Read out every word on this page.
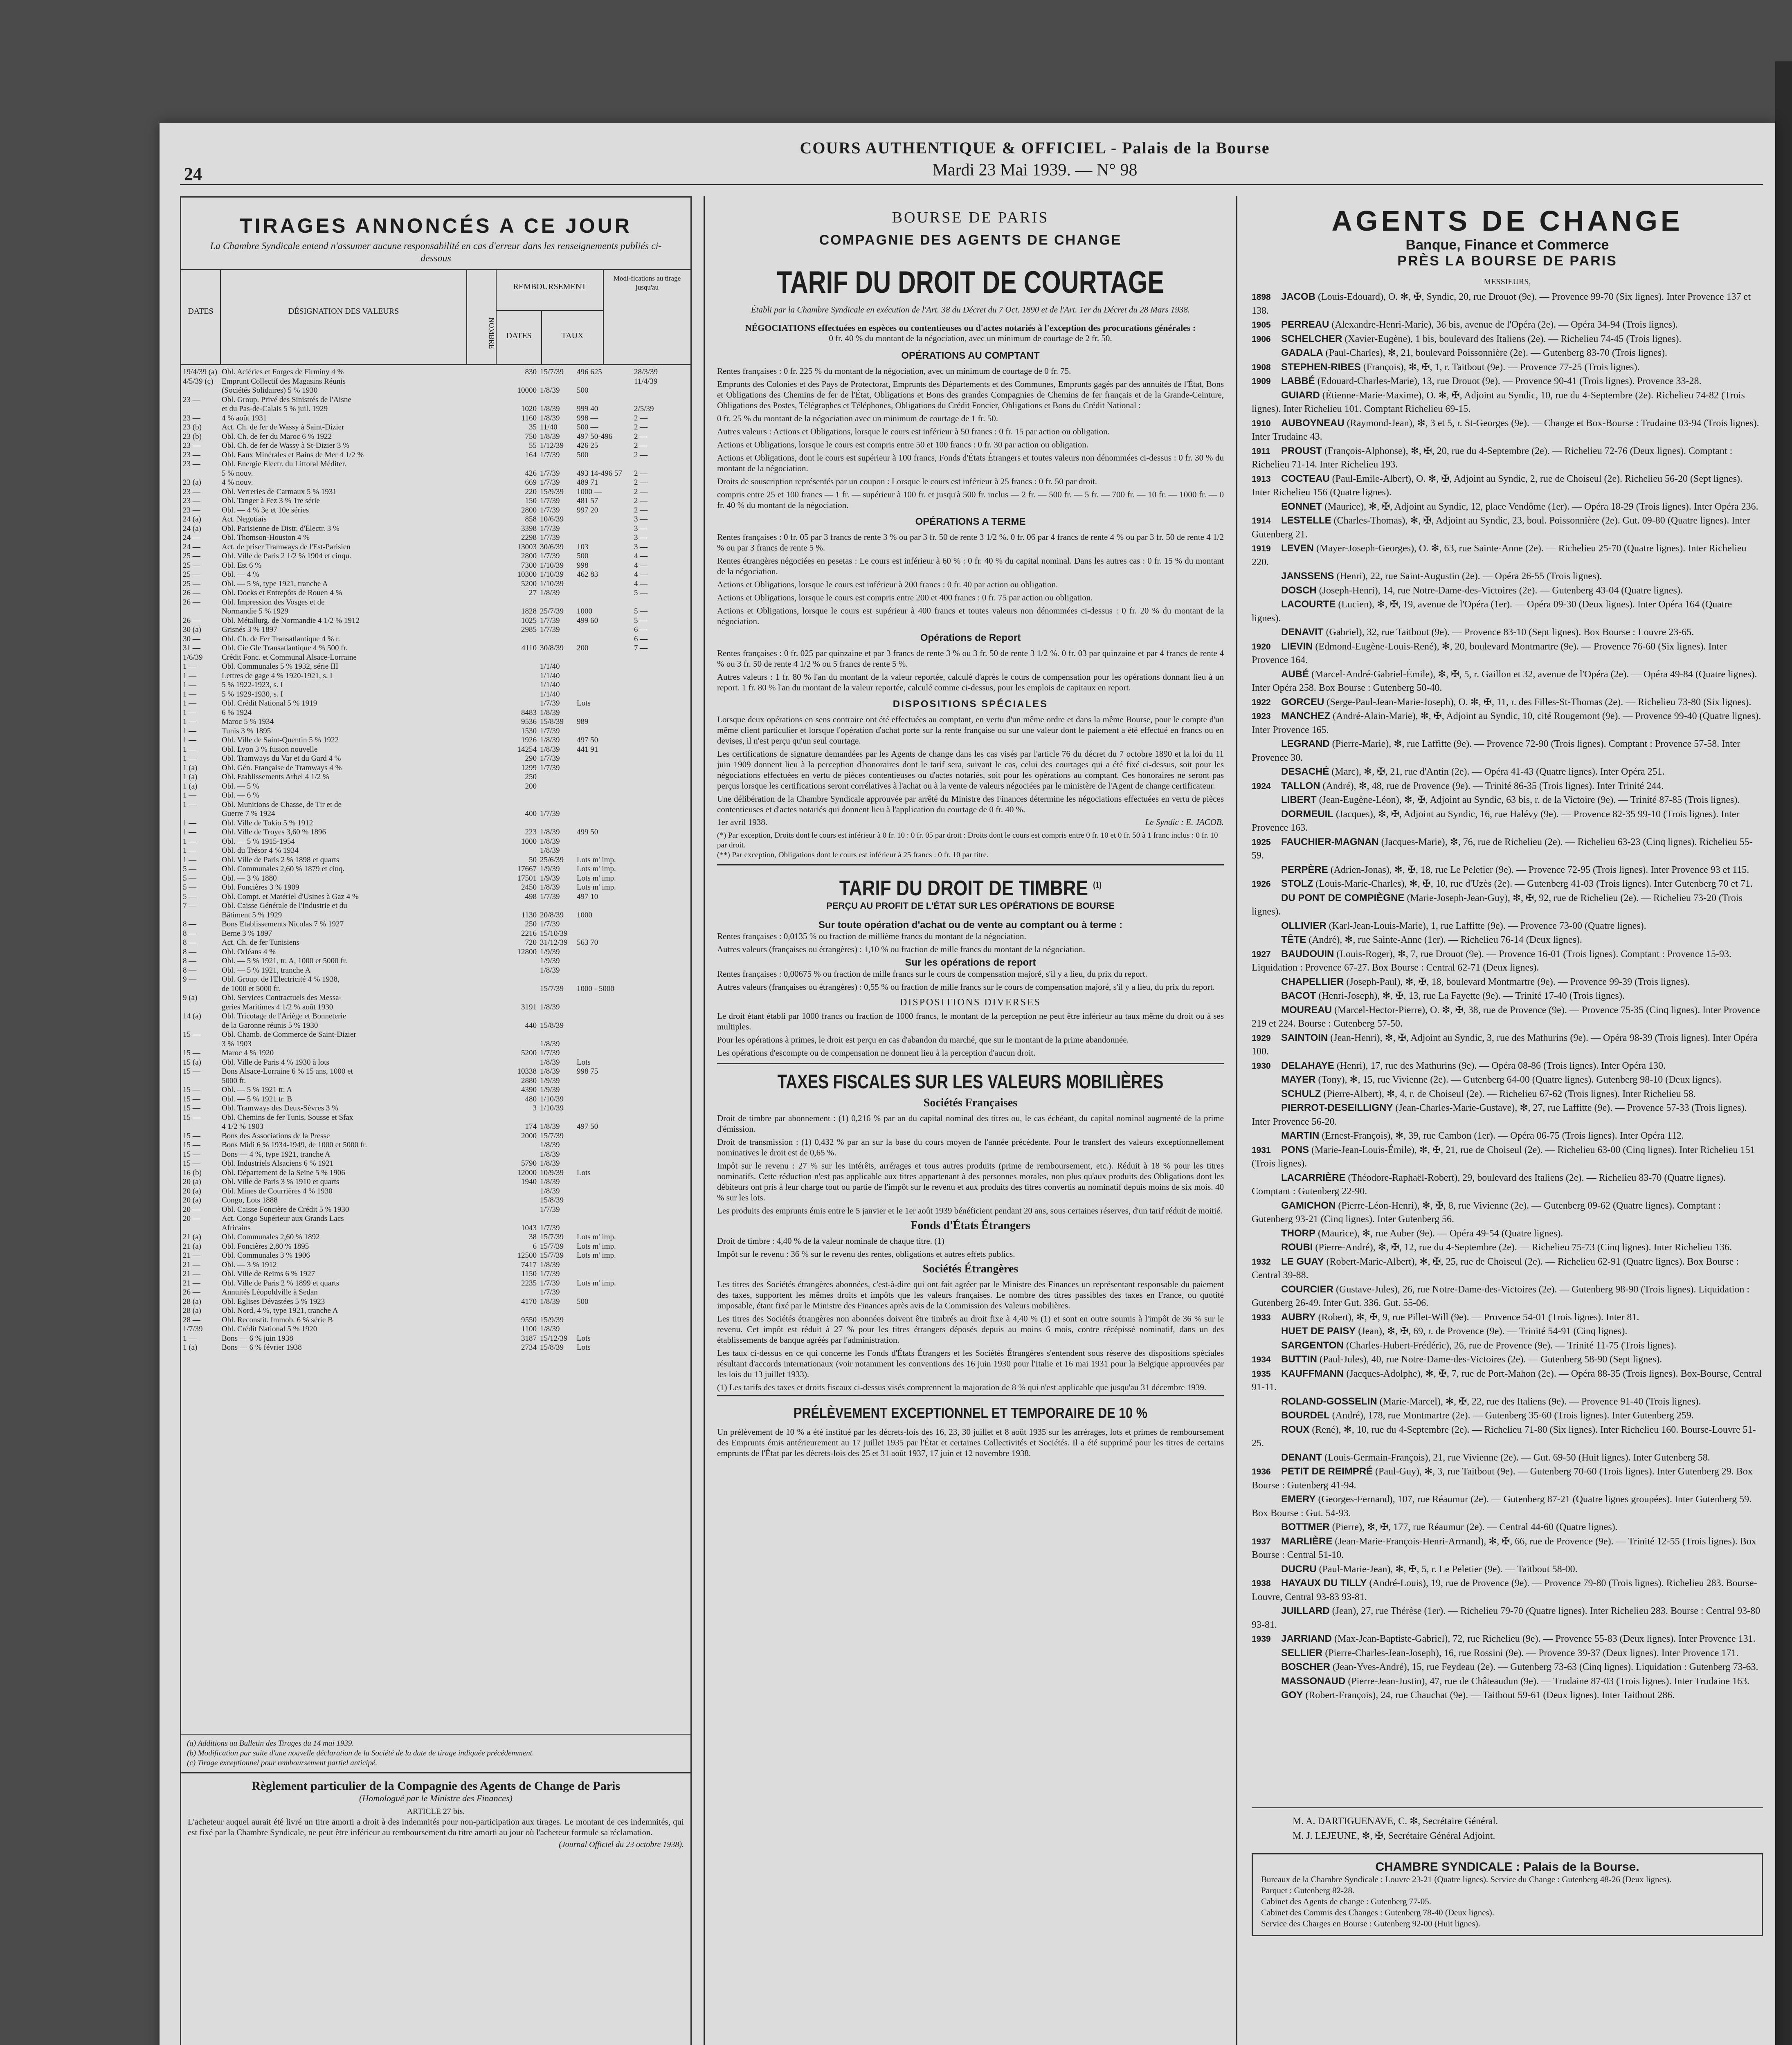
COURS AUTHENTIQUE & OFFICIEL - Palais de la Bourse
Mardi 23 Mai 1939. — N° 98
24
TIRAGES ANNONCÉS A CE JOUR
La Chambre Syndicale entend n'assumer aucune responsabilité en cas d'erreur dans les renseignements publiés ci-dessous
DATES	DÉSIGNATION DES VALEURS
NOMBRE
REMBOURSEMENT
DATES	TAUX
Modi-fications au tirage jusqu'au
19/4/39 (a) Obl. Aciéries et Forges de Firminy 4 %	830 15/7/39	496 625	28/3/39
4/5/39 (c)	Emprunt Collectif des Magasins Réunis	11/4/39
(Sociétés Solidaires) 5 % 1930	10000 1/8/39	500
23 —	Obl. Group. Privé des Sinistrés de l'Aisne
et du Pas-de-Calais 5 % juil. 1929	1020 1/8/39	999 40	2/5/39
23 —	4 % août 1931	1160 1/8/39	998 —	2 —
23 (b)	Act. Ch. de fer de Wassy à Saint-Dizier	35 11/40	500 —	2 —
23 (b)	Obl. Ch. de fer du Maroc 6 % 1922	750 1/8/39	497 50-496	2 —
23 —	Obl. Ch. de fer de Wassy à St-Dizier 3 %	55 1/12/39	426 25	2 —
23 —	Obl. Eaux Minérales et Bains de Mer 4 1/2 %	164 1/7/39	500	2 —
23 —	Obl. Energie Electr. du Littoral Méditer.
5 % nouv.	426 1/7/39	493 14-496 57	2 —
23 (a)	4 % nouv.	669 1/7/39	489 71	2 —
23 —	Obl. Verreries de Carmaux 5 % 1931	220 15/9/39	1000 —	2 —
23 —	Obl. Tanger à Fez 3 % 1re série	150 1/7/39	481 57	2 —
23 —	Obl. — 4 % 3e et 10e séries	2800 1/7/39	997 20	2 —
24 (a)	Act. Negotiais	858 10/6/39	3 —
24 (a)	Obl. Parisienne de Distr. d'Electr. 3 %	3398 1/7/39	3 —
24 —	Obl. Thomson-Houston 4 %	2298 1/7/39	3 —
24 —	Act. de priser Tramways de l'Est-Parisien	13003 30/6/39	103	3 —
25 —	Obl. Ville de Paris 2 1/2 % 1904 et cinqu.	2800 1/7/39	500	4 —
25 —	Obl. Est 6 %	7300 1/10/39	998	4 —
25 —	Obl. — 4 %	10300 1/10/39	462 83	4 —
25 —	Obl. — 5 %, type 1921, tranche A	5200 1/10/39	4 —
26 —	Obl. Docks et Entrepôts de Rouen 4 %	27 1/8/39	5 —
26 —	Obl. Impression des Vosges et de
Normandie 5 % 1929	1828 25/7/39	1000	5 —
26 —	Obl. Métallurg. de Normandie 4 1/2 % 1912	1025 1/7/39	499 60	5 —
30 (a)	Grisnés 3 % 1897	2985 1/7/39	6 —
30 —	Obl. Ch. de Fer Transatlantique 4 % r.	6 —
31 —	Obl. Cie Gle Transatlantique 4 % 500 fr.	4110 30/8/39	200	7 —
1/6/39	Crédit Fonc. et Communal Alsace-Lorraine
1 —	Obl. Communales 5 % 1932, série III	1/1/40
1 —	Lettres de gage 4 % 1920-1921, s. I	1/1/40
1 —	5 % 1922-1923, s. I	1/1/40
1 —	5 % 1929-1930, s. I	1/1/40
1 —	Obl. Crédit National 5 % 1919	1/7/39	Lots
1 —	6 % 1924	8483 1/8/39
1 —	Maroc 5 % 1934	9536 15/8/39	989
1 —	Tunis 3 % 1895	1530 1/7/39
1 —	Obl. Ville de Saint-Quentin 5 % 1922	1926 1/8/39	497 50
1 —	Obl. Lyon 3 % fusion nouvelle	14254 1/8/39	441 91
1 —	Obl. Tramways du Var et du Gard 4 %	290 1/7/39
1 (a)	Obl. Gén. Française de Tramways 4 %	1299 1/7/39
1 (a)	Obl. Etablissements Arbel 4 1/2 %	250
1 (a)	Obl. — 5 %	200
1 —	Obl. — 6 %
1 —	Obl. Munitions de Chasse, de Tir et de
Guerre 7 % 1924	400 1/7/39
1 —	Obl. Ville de Tokio 5 % 1912
1 —	Obl. Ville de Troyes 3,60 % 1896	223 1/8/39	499 50
1 —	Obl. — 5 % 1915-1954	1000 1/8/39
1 —	Obl. du Trésor 4 % 1934	1/8/39
1 —	Obl. Ville de Paris 2 % 1898 et quarts	50 25/6/39	Lots m' imp.
5 —	Obl. Communales 2,60 % 1879 et cinq.	17667 1/9/39	Lots m' imp.
5 —	Obl. — 3 % 1880	17501 1/9/39	Lots m' imp.
5 —	Obl. Foncières 3 % 1909	2450 1/8/39	Lots m' imp.
5 —	Obl. Compt. et Matériel d'Usines à Gaz 4 %	498 1/7/39	497 10
7 —	Obl. Caisse Générale de l'Industrie et du
Bâtiment 5 % 1929	1130 20/8/39	1000
8 —	Bons Etablissements Nicolas 7 % 1927	250 1/7/39
8 —	Berne 3 % 1897	2216 15/10/39
8 —	Act. Ch. de fer Tunisiens	720 31/12/39	563 70
8 —	Obl. Orléans 4 %	12800 1/9/39
8 —	Obl. — 5 % 1921, tr. A, 1000 et 5000 fr.	1/9/39
8 —	Obl. — 5 % 1921, tranche A	1/8/39
9 —	Obl. Group. de l'Electricité 4 % 1938,
de 1000 et 5000 fr.	15/7/39	1000 - 5000
9 (a)	Obl. Services Contractuels des Messa-
geries Maritimes 4 1/2 % août 1930	3191 1/8/39
14 (a)	Obl. Tricotage de l'Ariège et Bonneterie
de la Garonne réunis 5 % 1930	440 15/8/39
15 —	Obl. Chamb. de Commerce de Saint-Dizier
3 % 1903	1/8/39
15 —	Maroc 4 % 1920	5200 1/7/39
15 (a)	Obl. Ville de Paris 4 % 1930 à lots	1/8/39	Lots
15 —	Bons Alsace-Lorraine 6 % 15 ans, 1000 et	10338 1/8/39	998 75
5000 fr.	2880 1/9/39
15 —	Obl. — 5 % 1921 tr. A	4390 1/9/39
15 —	Obl. — 5 % 1921 tr. B	480 1/10/39
15 —	Obl. Tramways des Deux-Sèvres 3 %	3 1/10/39
15 —	Obl. Chemins de fer Tunis, Sousse et Sfax
4 1/2 % 1903	174 1/8/39	497 50
15 —	Bons des Associations de la Presse	2000 15/7/39
15 —	Bons Midi 6 % 1934-1949, de 1000 et 5000 fr.	1/8/39
15 —	Bons — 4 %, type 1921, tranche A	1/8/39
15 —	Obl. Industriels Alsaciens 6 % 1921	5790 1/8/39
16 (b)	Obl. Département de la Seine 5 % 1906	12000 10/9/39	Lots
20 (a)	Obl. Ville de Paris 3 % 1910 et quarts	1940 1/8/39
20 (a)	Obl. Mines de Courrières 4 % 1930	1/8/39
20 (a)	Congo, Lots 1888	15/8/39
20 —	Obl. Caisse Foncière de Crédit 5 % 1930	1/7/39
20 —	Act. Congo Supérieur aux Grands Lacs
Africains	1043 1/7/39
21 (a)	Obl. Communales 2,60 % 1892	38 15/7/39	Lots m' imp.
21 (a)	Obl. Foncières 2,80 % 1895	6 15/7/39	Lots m' imp.
21 —	Obl. Communales 3 % 1906	12500 15/7/39	Lots m' imp.
21 —	Obl. — 3 % 1912	7417 1/8/39
21 —	Obl. Ville de Reims 6 % 1927	1150 1/7/39
21 —	Obl. Ville de Paris 2 % 1899 et quarts	2235 1/7/39	Lots m' imp.
26 —	Annuités Léopoldville à Sedan	1/7/39
28 (a)	Obl. Eglises Dévastées 5 % 1923	4170 1/8/39	500
28 (a)	Obl. Nord, 4 %, type 1921, tranche A
28 —	Obl. Reconstit. Immob. 6 % série B	9550 15/9/39
1/7/39	Obl. Crédit National 5 % 1920	1100 1/8/39
1 —	Bons — 6 % juin 1938	3187 15/12/39	Lots
1 (a)	Bons — 6 % février 1938	2734 15/8/39	Lots
(a) Additions au Bulletin des Tirages du 14 mai 1939.
(b) Modification par suite d'une nouvelle déclaration de la Société de la date de tirage indiquée précédemment.
(c) Tirage exceptionnel pour remboursement partiel anticipé.
Règlement particulier de la Compagnie des Agents de Change de Paris
(Homologué par le Ministre des Finances)
ARTICLE 27 bis.

L'acheteur auquel aurait été livré un titre amorti a droit à des indemnités pour non-participation aux tirages. Le montant de ces indemnités, qui est fixé par la Chambre Syndicale, ne peut être inférieur au remboursement du titre amorti au jour où l'acheteur formule sa réclamation.

(Journal Officiel du 23 octobre 1938).
BOURSE DE PARIS
COMPAGNIE DES AGENTS DE CHANGE
TARIF DU DROIT DE COURTAGE
Établi par la Chambre Syndicale en exécution de l'Art. 38 du Décret du 7 Oct. 1890 et de l'Art. 1er du Décret du 28 Mars 1938.
NÉGOCIATIONS effectuées en espèces ou contentieuses ou d'actes notariés à l'exception des procurations générales :
0 fr. 40 % du montant de la négociation, avec un minimum de courtage de 2 fr. 50.
OPÉRATIONS AU COMPTANT

Rentes françaises : 0 fr. 225 % du montant de la négociation, avec un minimum de courtage de 0 fr. 75.

Emprunts des Colonies et des Pays de Protectorat, Emprunts des Départements et des Communes, Emprunts gagés par des annuités de l'État, Bons et Obligations des Chemins de fer de l'État, Obligations et Bons des grandes Compagnies de Chemins de fer français et de la Grande-Ceinture, Obligations des Postes, Télégraphes et Téléphones, Obligations du Crédit Foncier, Obligations et Bons du Crédit National :

0 fr. 25 % du montant de la négociation avec un minimum de courtage de 1 fr. 50.

Autres valeurs : Actions et Obligations, lorsque le cours est inférieur à 50 francs : 0 fr. 15 par action ou obligation.

Actions et Obligations, lorsque le cours est compris entre 50 et 100 francs : 0 fr. 30 par action ou obligation.

Actions et Obligations, dont le cours est supérieur à 100 francs, Fonds d'États Étrangers et toutes valeurs non dénommées ci-dessus : 0 fr. 30 % du montant de la négociation.

Droits de souscription représentés par un coupon : Lorsque le cours est inférieur à 25 francs : 0 fr. 50 par droit.

compris entre 25 et 100 francs — 1 fr. — supérieur à 100 fr. et jusqu'à 500 fr. inclus — 2 fr. — 500 fr. — 5 fr. — 700 fr. — 10 fr. — 1000 fr. — 0 fr. 40 % du montant de la négociation.

OPÉRATIONS A TERME

Rentes françaises : 0 fr. 05 par 3 francs de rente 3 % ou par 3 fr. 50 de rente 3 1/2 %. 0 fr. 06 par 4 francs de rente 4 % ou par 3 fr. 50 de rente 4 1/2 % ou par 3 francs de rente 5 %.

Rentes étrangères négociées en pesetas : Le cours est inférieur à 60 % : 0 fr. 40 % du capital nominal. Dans les autres cas : 0 fr. 15 % du montant de la négociation.

Actions et Obligations, lorsque le cours est inférieur à 200 francs : 0 fr. 40 par action ou obligation.

Actions et Obligations, lorsque le cours est compris entre 200 et 400 francs : 0 fr. 75 par action ou obligation.

Actions et Obligations, lorsque le cours est supérieur à 400 francs et toutes valeurs non dénommées ci-dessus : 0 fr. 20 % du montant de la négociation.

Opérations de Report

Rentes françaises : 0 fr. 025 par quinzaine et par 3 francs de rente 3 % ou 3 fr. 50 de rente 3 1/2 %. 0 fr. 03 par quinzaine et par 4 francs de rente 4 % ou 3 fr. 50 de rente 4 1/2 % ou 5 francs de rente 5 %.

Autres valeurs : 1 fr. 80 % l'an du montant de la valeur reportée, calculé d'après le cours de compensation pour les opérations donnant lieu à un report. 1 fr. 80 % l'an du montant de la valeur reportée, calculé comme ci-dessus, pour les emplois de capitaux en report.

DISPOSITIONS SPÉCIALES

Lorsque deux opérations en sens contraire ont été effectuées au comptant, en vertu d'un même ordre et dans la même Bourse, pour le compte d'un même client particulier et lorsque l'opération d'achat porte sur la rente française ou sur une valeur dont le paiement a été effectué en francs ou en devises, il n'est perçu qu'un seul courtage.

Les certifications de signature demandées par les Agents de change dans les cas visés par l'article 76 du décret du 7 octobre 1890 et la loi du 11 juin 1909 donnent lieu à la perception d'honoraires dont le tarif sera, suivant le cas, celui des courtages qui a été fixé ci-dessus, soit pour les négociations effectuées en vertu de pièces contentieuses ou d'actes notariés, soit pour les opérations au comptant. Ces honoraires ne seront pas perçus lorsque les certifications seront corrélatives à l'achat ou à la vente de valeurs négociées par le ministère de l'Agent de change certificateur.

Une délibération de la Chambre Syndicale approuvée par arrêté du Ministre des Finances détermine les négociations effectuées en vertu de pièces contentieuses et d'actes notariés qui donnent lieu à l'application du courtage de 0 fr. 40 %.

1er avril 1938.	Le Syndic : E. JACOB.
(*) Par exception, Droits dont le cours est inférieur à 0 fr. 10 : 0 fr. 05 par droit : Droits dont le cours est compris entre 0 fr. 10 et 0 fr. 50 à 1 franc inclus : 0 fr. 10 par droit.
(**) Par exception, Obligations dont le cours est inférieur à 25 francs : 0 fr. 10 par titre.
TARIF DU DROIT DE TIMBRE $^{(1)}$
PERÇU AU PROFIT DE L'ÉTAT SUR LES OPÉRATIONS DE BOURSE
Sur toute opération d'achat ou de vente au comptant ou à terme :

Rentes françaises : 0,0135 % ou fraction de millième francs du montant de la négociation.

Autres valeurs (françaises ou étrangères) : 1,10 % ou fraction de mille francs du montant de la négociation.

Sur les opérations de report

Rentes françaises : 0,00675 % ou fraction de mille francs sur le cours de compensation majoré, s'il y a lieu, du prix du report.

Autres valeurs (françaises ou étrangères) : 0,55 % ou fraction de mille francs sur le cours de compensation majoré, s'il y a lieu, du prix du report.

DISPOSITIONS DIVERSES

Le droit étant établi par 1000 francs ou fraction de 1000 francs, le montant de la perception ne peut être inférieur au taux même du droit ou à ses multiples.

Pour les opérations à primes, le droit est perçu en cas d'abandon du marché, que sur le montant de la prime abandonnée.

Les opérations d'escompte ou de compensation ne donnent lieu à la perception d'aucun droit.

TAXES FISCALES SUR LES VALEURS MOBILIÈRES
Sociétés Françaises

Droit de timbre par abonnement : (1) 0,216 % par an du capital nominal des titres ou, le cas échéant, du capital nominal augmenté de la prime d'émission.

Droit de transmission : (1) 0,432 % par an sur la base du cours moyen de l'année précédente. Pour le transfert des valeurs exceptionnellement nominatives le droit est de 0,65 %.

Impôt sur le revenu : 27 % sur les intérêts, arrérages et tous autres produits (prime de remboursement, etc.). Réduit à 18 % pour les titres nominatifs. Cette réduction n'est pas applicable aux titres appartenant à des personnes morales, non plus qu'aux produits des Obligations dont les débiteurs ont pris à leur charge tout ou partie de l'impôt sur le revenu et aux produits des titres convertis au nominatif depuis moins de six mois. 40 % sur les lots.

Les produits des emprunts émis entre le 5 janvier et le 1er août 1939 bénéficient pendant 20 ans, sous certaines réserves, d'un tarif réduit de moitié.

Fonds d'États Étrangers

Droit de timbre : 4,40 % de la valeur nominale de chaque titre. (1)

Impôt sur le revenu : 36 % sur le revenu des rentes, obligations et autres effets publics.

Sociétés Étrangères

Les titres des Sociétés étrangères abonnées, c'est-à-dire qui ont fait agréer par le Ministre des Finances un représentant responsable du paiement des taxes, supportent les mêmes droits et impôts que les valeurs françaises. Le nombre des titres passibles des taxes en France, ou quotité imposable, étant fixé par le Ministre des Finances après avis de la Commission des Valeurs mobilières.

Les titres des Sociétés étrangères non abonnées doivent être timbrés au droit fixe à 4,40 % (1) et sont en outre soumis à l'impôt de 36 % sur le revenu. Cet impôt est réduit à 27 % pour les titres étrangers déposés depuis au moins 6 mois, contre récépissé nominatif, dans un des établissements de banque agréés par l'administration.

Les taux ci-dessus en ce qui concerne les Fonds d'États Étrangers et les Sociétés Étrangères s'entendent sous réserve des dispositions spéciales résultant d'accords internationaux (voir notamment les conventions des 16 juin 1930 pour l'Italie et 16 mai 1931 pour la Belgique approuvées par les lois du 13 juillet 1933).

(1) Les tarifs des taxes et droits fiscaux ci-dessus visés comprennent la majoration de 8 % qui n'est applicable que jusqu'au 31 décembre 1939.

PRÉLÈVEMENT EXCEPTIONNEL ET TEMPORAIRE DE 10 %

Un prélèvement de 10 % a été institué par les décrets-lois des 16, 23, 30 juillet et 8 août 1935 sur les arrérages, lots et primes de remboursement des Emprunts émis antérieurement au 17 juillet 1935 par l'État et certaines Collectivités et Sociétés. Il a été supprimé pour les titres de certains emprunts de l'État par les décrets-lois des 25 et 31 août 1937, 17 juin et 12 novembre 1938.

AGENTS DE CHANGE
Banque, Finance et Commerce
PRÈS LA BOURSE DE PARIS
MESSIEURS,
1898 JACOB (Louis-Edouard), O. ✻, ✠, Syndic, 20, rue Drouot (9e). — Provence 99-70 (Six lignes). Inter Provence 137 et 138.
1905 PERREAU (Alexandre-Henri-Marie), 36 bis, avenue de l'Opéra (2e). — Opéra 34-94 (Trois lignes).
1906 SCHELCHER (Xavier-Eugène), 1 bis, boulevard des Italiens (2e). — Richelieu 74-45 (Trois lignes).
GADALA (Paul-Charles), ✻, 21, boulevard Poissonnière (2e). — Gutenberg 83-70 (Trois lignes).
1908 STEPHEN-RIBES (François), ✻, ✠, 1, r. Taitbout (9e). — Provence 77-25 (Trois lignes).
1909 LABBÉ (Edouard-Charles-Marie), 13, rue Drouot (9e). — Provence 90-41 (Trois lignes). Provence 33-28.
GUIARD (Étienne-Marie-Maxime), O. ✻, ✠, Adjoint au Syndic, 10, rue du 4-Septembre (2e). Richelieu 74-82 (Trois lignes). Inter Richelieu 101. Comptant Richelieu 69-15.
1910 AUBOYNEAU (Raymond-Jean), ✻, 3 et 5, r. St-Georges (9e). — Change et Box-Bourse : Trudaine 03-94 (Trois lignes). Inter Trudaine 43.
1911 PROUST (François-Alphonse), ✻, ✠, 20, rue du 4-Septembre (2e). — Richelieu 72-76 (Deux lignes). Comptant : Richelieu 71-14. Inter Richelieu 193.
1913 COCTEAU (Paul-Emile-Albert), O. ✻, ✠, Adjoint au Syndic, 2, rue de Choiseul (2e). Richelieu 56-20 (Sept lignes). Inter Richelieu 156 (Quatre lignes).
EONNET (Maurice), ✻, ✠, Adjoint au Syndic, 12, place Vendôme (1er). — Opéra 18-29 (Trois lignes). Inter Opéra 236.
1914 LESTELLE (Charles-Thomas), ✻, ✠, Adjoint au Syndic, 23, boul. Poissonnière (2e). Gut. 09-80 (Quatre lignes). Inter Gutenberg 21.
1919 LEVEN (Mayer-Joseph-Georges), O. ✻, 63, rue Sainte-Anne (2e). — Richelieu 25-70 (Quatre lignes). Inter Richelieu 220.
JANSSENS (Henri), 22, rue Saint-Augustin (2e). — Opéra 26-55 (Trois lignes).
DOSCH (Joseph-Henri), 14, rue Notre-Dame-des-Victoires (2e). — Gutenberg 43-04 (Quatre lignes).
LACOURTE (Lucien), ✻, ✠, 19, avenue de l'Opéra (1er). — Opéra 09-30 (Deux lignes). Inter Opéra 164 (Quatre lignes).
DENAVIT (Gabriel), 32, rue Taitbout (9e). — Provence 83-10 (Sept lignes). Box Bourse : Louvre 23-65.
1920 LIEVIN (Edmond-Eugène-Louis-René), ✻, 20, boulevard Montmartre (9e). — Provence 76-60 (Six lignes). Inter Provence 164.
AUBÉ (Marcel-André-Gabriel-Émile), ✻, ✠, 5, r. Gaillon et 32, avenue de l'Opéra (2e). — Opéra 49-84 (Quatre lignes). Inter Opéra 258. Box Bourse : Gutenberg 50-40.
1922 GORCEU (Serge-Paul-Jean-Marie-Joseph), O. ✻, ✠, 11, r. des Filles-St-Thomas (2e). — Richelieu 73-80 (Six lignes).
1923 MANCHEZ (André-Alain-Marie), ✻, ✠, Adjoint au Syndic, 10, cité Rougemont (9e). — Provence 99-40 (Quatre lignes). Inter Provence 165.
LEGRAND (Pierre-Marie), ✻, rue Laffitte (9e). — Provence 72-90 (Trois lignes). Comptant : Provence 57-58. Inter Provence 30.
DESACHÉ (Marc), ✻, ✠, 21, rue d'Antin (2e). — Opéra 41-43 (Quatre lignes). Inter Opéra 251.
1924 TALLON (André), ✻, 48, rue de Provence (9e). — Trinité 86-35 (Trois lignes). Inter Trinité 244.
LIBERT (Jean-Eugène-Léon), ✻, ✠, Adjoint au Syndic, 63 bis, r. de la Victoire (9e). — Trinité 87-85 (Trois lignes).
DORMEUIL (Jacques), ✻, ✠, Adjoint au Syndic, 16, rue Halévy (9e). — Provence 82-35 99-10 (Trois lignes). Inter Provence 163.
1925 FAUCHIER-MAGNAN (Jacques-Marie), ✻, 76, rue de Richelieu (2e). — Richelieu 63-23 (Cinq lignes). Richelieu 55-59.
PERPÈRE (Adrien-Jonas), ✻, ✠, 18, rue Le Peletier (9e). — Provence 72-95 (Trois lignes). Inter Provence 93 et 115.
1926 STOLZ (Louis-Marie-Charles), ✻, ✠, 10, rue d'Uzès (2e). — Gutenberg 41-03 (Trois lignes). Inter Gutenberg 70 et 71.
DU PONT DE COMPIÈGNE (Marie-Joseph-Jean-Guy), ✻, ✠, 92, rue de Richelieu (2e). — Richelieu 73-20 (Trois lignes).
OLLIVIER (Karl-Jean-Louis-Marie), 1, rue Laffitte (9e). — Provence 73-00 (Quatre lignes).
TÊTE (André), ✻, rue Sainte-Anne (1er). — Richelieu 76-14 (Deux lignes).
1927 BAUDOUIN (Louis-Roger), ✻, 7, rue Drouot (9e). — Provence 16-01 (Trois lignes). Comptant : Provence 15-93. Liquidation : Provence 67-27. Box Bourse : Central 62-71 (Deux lignes).
CHAPELLIER (Joseph-Paul), ✻, ✠, 18, boulevard Montmartre (9e). — Provence 99-39 (Trois lignes).
BACOT (Henri-Joseph), ✻, ✠, 13, rue La Fayette (9e). — Trinité 17-40 (Trois lignes).
MOUREAU (Marcel-Hector-Pierre), O. ✻, ✠, 38, rue de Provence (9e). — Provence 75-35 (Cinq lignes). Inter Provence 219 et 224. Bourse : Gutenberg 57-50.
1929 SAINTOIN (Jean-Henri), ✻, ✠, Adjoint au Syndic, 3, rue des Mathurins (9e). — Opéra 98-39 (Trois lignes). Inter Opéra 100.
1930 DELAHAYE (Henri), 17, rue des Mathurins (9e). — Opéra 08-86 (Trois lignes). Inter Opéra 130.
MAYER (Tony), ✻, 15, rue Vivienne (2e). — Gutenberg 64-00 (Quatre lignes). Gutenberg 98-10 (Deux lignes).
SCHULZ (Pierre-Albert), ✻, 4, r. de Choiseul (2e). — Richelieu 67-62 (Trois lignes). Inter Richelieu 58.
PIERROT-DESEILLIGNY (Jean-Charles-Marie-Gustave), ✻, 27, rue Laffitte (9e). — Provence 57-33 (Trois lignes). Inter Provence 56-20.
MARTIN (Ernest-François), ✻, 39, rue Cambon (1er). — Opéra 06-75 (Trois lignes). Inter Opéra 112.
1931 PONS (Marie-Jean-Louis-Émile), ✻, ✠, 21, rue de Choiseul (2e). — Richelieu 63-00 (Cinq lignes). Inter Richelieu 151 (Trois lignes).
LACARRIÈRE (Théodore-Raphaël-Robert), 29, boulevard des Italiens (2e). — Richelieu 83-70 (Quatre lignes). Comptant : Gutenberg 22-90.
GAMICHON (Pierre-Léon-Henri), ✻, ✠, 8, rue Vivienne (2e). — Gutenberg 09-62 (Quatre lignes). Comptant : Gutenberg 93-21 (Cinq lignes). Inter Gutenberg 56.
THORP (Maurice), ✻, rue Auber (9e). — Opéra 49-54 (Quatre lignes).
ROUBI (Pierre-André), ✻, ✠, 12, rue du 4-Septembre (2e). — Richelieu 75-73 (Cinq lignes). Inter Richelieu 136.
1932 LE GUAY (Robert-Marie-Albert), ✻, ✠, 25, rue de Choiseul (2e). — Richelieu 62-91 (Quatre lignes). Box Bourse : Central 39-88.
COURCIER (Gustave-Jules), 26, rue Notre-Dame-des-Victoires (2e). — Gutenberg 98-90 (Trois lignes). Liquidation : Gutenberg 26-49. Inter Gut. 336. Gut. 55-06.
1933 AUBRY (Robert), ✻, ✠, 9, rue Pillet-Will (9e). — Provence 54-01 (Trois lignes). Inter 81.
HUET DE PAISY (Jean), ✻, ✠, 69, r. de Provence (9e). — Trinité 54-91 (Cinq lignes).
SARGENTON (Charles-Hubert-Frédéric), 26, rue de Provence (9e). — Trinité 11-75 (Trois lignes).
1934 BUTTIN (Paul-Jules), 40, rue Notre-Dame-des-Victoires (2e). — Gutenberg 58-90 (Sept lignes).
1935 KAUFFMANN (Jacques-Adolphe), ✻, ✠, 7, rue de Port-Mahon (2e). — Opéra 88-35 (Trois lignes). Box-Bourse, Central 91-11.
ROLAND-GOSSELIN (Marie-Marcel), ✻, ✠, 22, rue des Italiens (9e). — Provence 91-40 (Trois lignes).
BOURDEL (André), 178, rue Montmartre (2e). — Gutenberg 35-60 (Trois lignes). Inter Gutenberg 259.
ROUX (René), ✻, 10, rue du 4-Septembre (2e). — Richelieu 71-80 (Six lignes). Inter Richelieu 160. Bourse-Louvre 51-25.
DENANT (Louis-Germain-François), 21, rue Vivienne (2e). — Gut. 69-50 (Huit lignes). Inter Gutenberg 58.
1936 PETIT DE REIMPRÉ (Paul-Guy), ✻, 3, rue Taitbout (9e). — Gutenberg 70-60 (Trois lignes). Inter Gutenberg 29. Box Bourse : Gutenberg 41-94.
EMERY (Georges-Fernand), 107, rue Réaumur (2e). — Gutenberg 87-21 (Quatre lignes groupées). Inter Gutenberg 59. Box Bourse : Gut. 54-93.
BOTTMER (Pierre), ✻, ✠, 177, rue Réaumur (2e). — Central 44-60 (Quatre lignes).
1937 MARLIÈRE (Jean-Marie-François-Henri-Armand), ✻, ✠, 66, rue de Provence (9e). — Trinité 12-55 (Trois lignes). Box Bourse : Central 51-10.
DUCRU (Paul-Marie-Jean), ✻, ✠, 5, r. Le Peletier (9e). — Taitbout 58-00.
1938 HAYAUX DU TILLY (André-Louis), 19, rue de Provence (9e). — Provence 79-80 (Trois lignes). Richelieu 283. Bourse-Louvre, Central 93-83 93-81.
JUILLARD (Jean), 27, rue Thérèse (1er). — Richelieu 79-70 (Quatre lignes). Inter Richelieu 283. Bourse : Central 93-80 93-81.
1939 JARRIAND (Max-Jean-Baptiste-Gabriel), 72, rue Richelieu (9e). — Provence 55-83 (Deux lignes). Inter Provence 131.
SELLIER (Pierre-Charles-Jean-Joseph), 16, rue Rossini (9e). — Provence 39-37 (Deux lignes). Inter Provence 171.
BOSCHER (Jean-Yves-André), 15, rue Feydeau (2e). — Gutenberg 73-63 (Cinq lignes). Liquidation : Gutenberg 73-63.
MASSONAUD (Pierre-Jean-Justin), 47, rue de Châteaudun (9e). — Trudaine 87-03 (Trois lignes). Inter Trudaine 163.
GOY (Robert-François), 24, rue Chauchat (9e). — Taitbout 59-61 (Deux lignes). Inter Taitbout 286.
M. A. DARTIGUENAVE, C. ✻, Secrétaire Général.
M. J. LEJEUNE, ✻, ✠, Secrétaire Général Adjoint.
CHAMBRE SYNDICALE : Palais de la Bourse.
Bureaux de la Chambre Syndicale : Louvre 23-21 (Quatre lignes). Service du Change : Gutenberg 48-26 (Deux lignes).
Parquet : Gutenberg 82-28.
Cabinet des Agents de change : Gutenberg 77-05.
Cabinet des Commis des Changes : Gutenberg 78-40 (Deux lignes).
Service des Charges en Bourse : Gutenberg 92-00 (Huit lignes).
